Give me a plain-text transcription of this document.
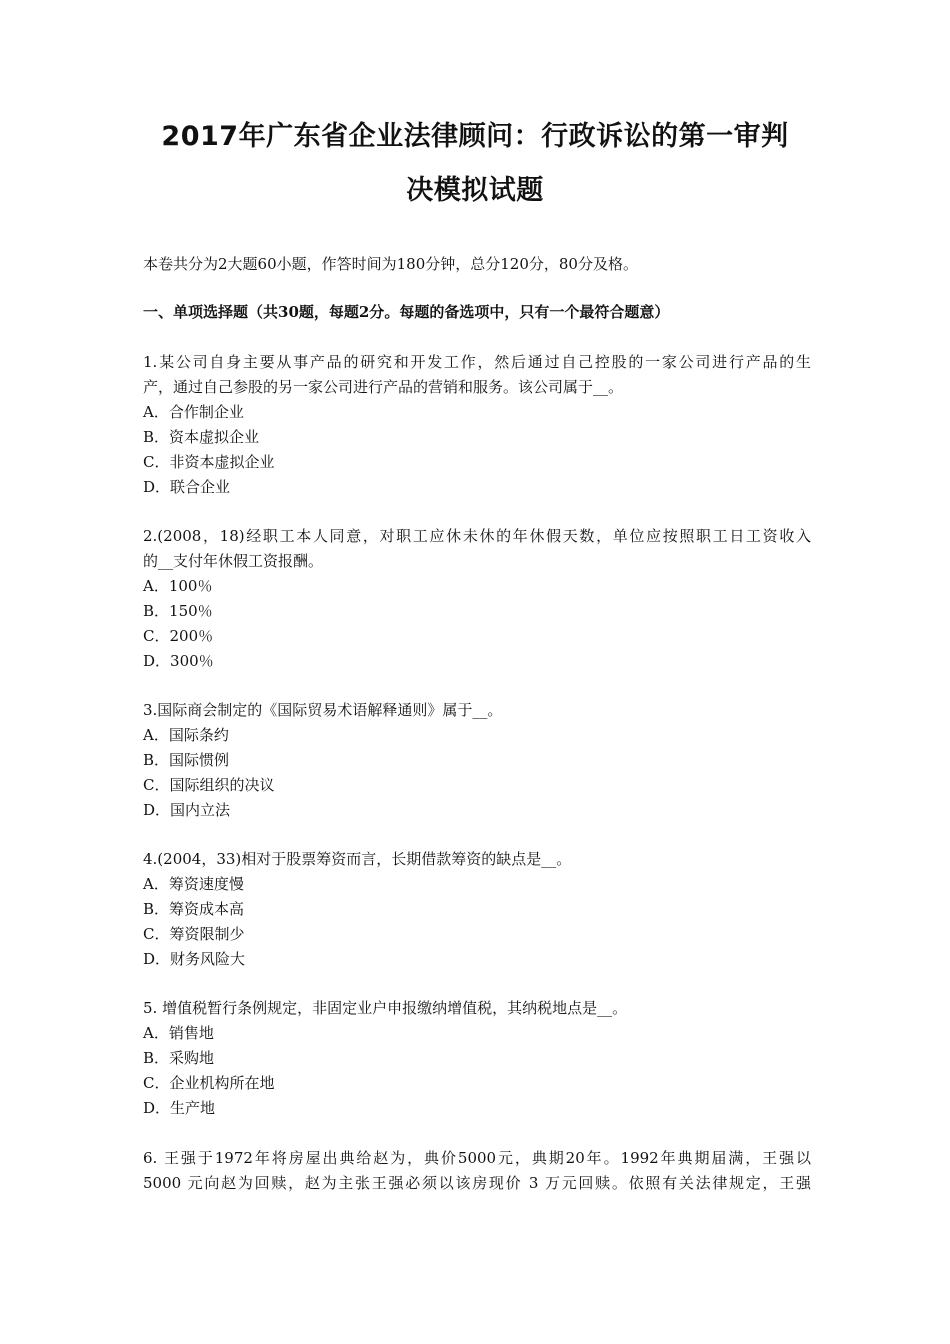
2017年广东省企业法律顾问：行政诉讼的第一审判
决模拟试题
本卷共分为2大题60小题，作答时间为180分钟，总分120分，80分及格。
一、单项选择题（共30题，每题2分。每题的备选项中，只有一个最符合题意）
1.某公司自身主要从事产品的研究和开发工作，然后通过自己控股的一家公司进行产品的生
产，通过自己参股的另一家公司进行产品的营销和服务。该公司属于__。
A．合作制企业
B．资本虚拟企业
C．非资本虚拟企业
D．联合企业
2.(2008，18)经职工本人同意，对职工应休未休的年休假天数，单位应按照职工日工资收入
的__支付年休假工资报酬。
A．100％
B．150％
C．200％
D．300％
3.国际商会制定的《国际贸易术语解释通则》属于__。
A．国际条约
B．国际惯例
C．国际组织的决议
D．国内立法
4.(2004，33)相对于股票筹资而言，长期借款筹资的缺点是__。
A．筹资速度慢
B．筹资成本高
C．筹资限制少
D．财务风险大
5. 增值税暂行条例规定，非固定业户申报缴纳增值税，其纳税地点是__。
A．销售地
B．采购地
C．企业机构所在地
D．生产地
6. 王强于1972年将房屋出典给赵为，典价5000元，典期20年。1992年典期届满，王强以
5000 元向赵为回赎，赵为主张王强必须以该房现价 3 万元回赎。依照有关法律规定，王强
